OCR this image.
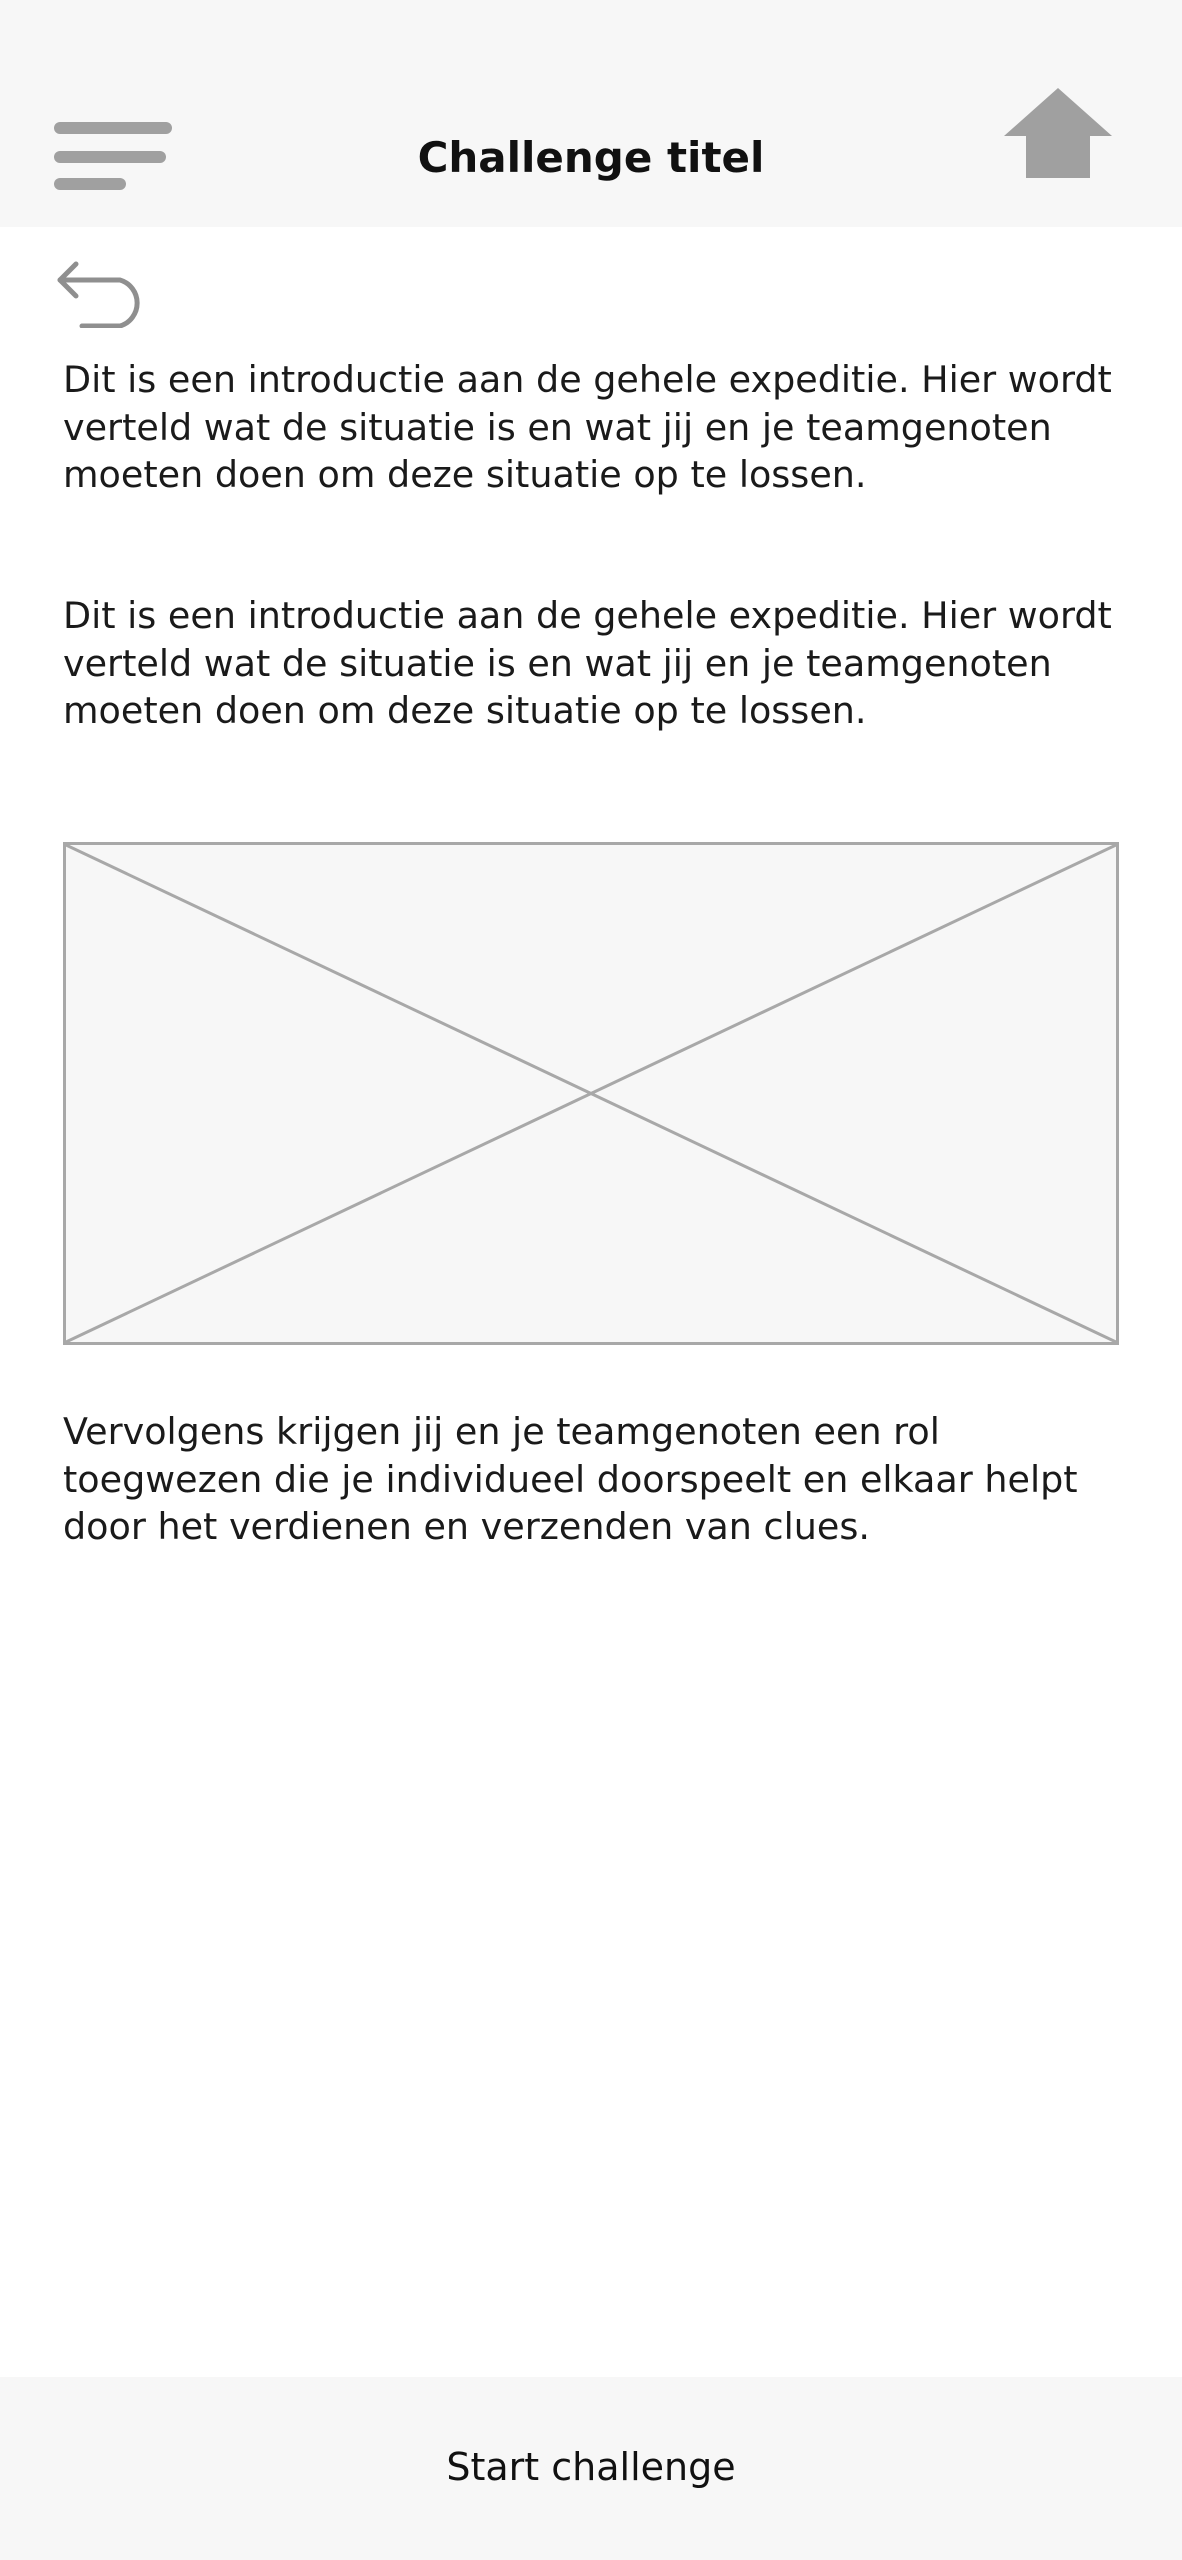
Challenge titel

Dit is een introductie aan de gehele expeditie. Hier wordt verteld wat de situatie is en wat jij en je teamgenoten moeten doen om deze situatie op te lossen.

Dit is een introductie aan de gehele expeditie. Hier wordt verteld wat de situatie is en wat jij en je teamgenoten moeten doen om deze situatie op te lossen.

Vervolgens krijgen jij en je teamgenoten een rol toegwezen die je individueel doorspeelt en elkaar helpt door het verdienen en verzenden van clues.

Start challenge
